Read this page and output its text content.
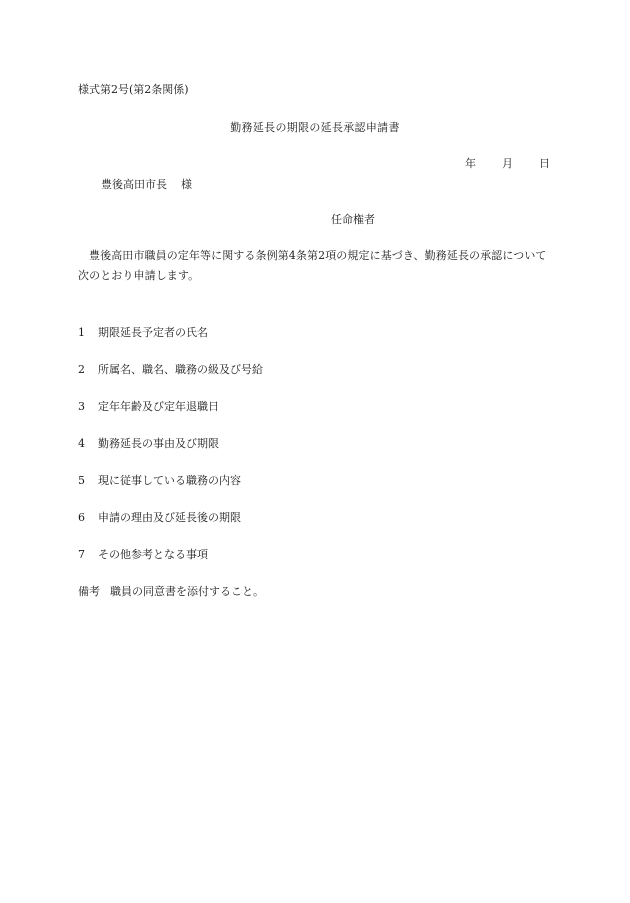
様式第2号(第2条関係)
勤務延長の期限の延長承認申請書
年 月 日
豊後高田市長 様
任命権者
豊後高田市職員の定年等に関する条例第4条第2項の規定に基づき、勤務延長の承認について次のとおり申請します。
1 期限延長予定者の氏名
2 所属名、職名、職務の級及び号給
3 定年年齢及び定年退職日
4 勤務延長の事由及び期限
5 現に従事している職務の内容
6 申請の理由及び延長後の期限
7 その他参考となる事項
備考 職員の同意書を添付すること。
